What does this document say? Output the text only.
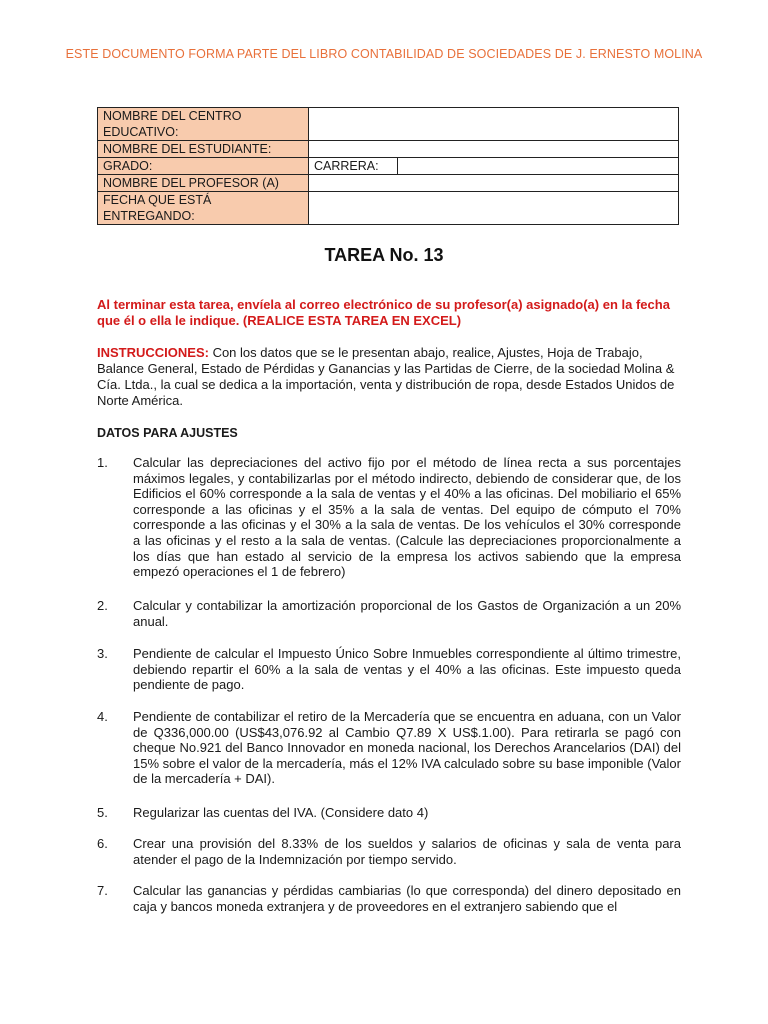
ESTE DOCUMENTO FORMA PARTE DEL LIBRO CONTABILIDAD DE SOCIEDADES DE J. ERNESTO MOLINA
NOMBRE DEL CENTRO EDUCATIVO:		
NOMBRE DEL ESTUDIANTE:		
GRADO:	CARRERA:	
NOMBRE DEL PROFESOR (A)		
FECHA QUE ESTÁ ENTREGANDO:		
TAREA No. 13
Al terminar esta tarea, envíela al correo electrónico de su profesor(a) asignado(a) en la fecha que él o ella le indique. (REALICE ESTA TAREA EN EXCEL)
INSTRUCCIONES: Con los datos que se le presentan abajo, realice, Ajustes, Hoja de Trabajo, Balance General, Estado de Pérdidas y Ganancias y las Partidas de Cierre, de la sociedad Molina & Cía. Ltda., la cual se dedica a la importación, venta y distribución de ropa, desde Estados Unidos de Norte América.
DATOS PARA AJUSTES
1.	Calcular las depreciaciones del activo fijo por el método de línea recta a sus porcentajes máximos legales, y contabilizarlas por el método indirecto, debiendo de considerar que, de los Edificios el 60% corresponde a la sala de ventas y el 40% a las oficinas. Del mobiliario el 65% corresponde a las oficinas y el 35% a la sala de ventas. Del equipo de cómputo el 70% corresponde a las oficinas y el 30% a la sala de ventas. De los vehículos el 30% corresponde a las oficinas y el resto a la sala de ventas. (Calcule las depreciaciones proporcionalmente a los días que han estado al servicio de la empresa los activos sabiendo que la empresa empezó operaciones el 1 de febrero)
2.	Calcular y contabilizar la amortización proporcional de los Gastos de Organización a un 20% anual.
3.	Pendiente de calcular el Impuesto Único Sobre Inmuebles correspondiente al último trimestre, debiendo repartir el 60% a la sala de ventas y el 40% a las oficinas. Este impuesto queda pendiente de pago.
4.	Pendiente de contabilizar el retiro de la Mercadería que se encuentra en aduana, con un Valor de Q336,000.00 (US$43,076.92 al Cambio Q7.89 X US$.1.00). Para retirarla se pagó con cheque No.921 del Banco Innovador en moneda nacional, los Derechos Arancelarios (DAI) del 15% sobre el valor de la mercadería, más el 12% IVA calculado sobre su base imponible (Valor de la mercadería + DAI).
5.	Regularizar las cuentas del IVA. (Considere dato 4)
6.	Crear una provisión del 8.33% de los sueldos y salarios de oficinas y sala de venta para atender el pago de la Indemnización por tiempo servido.
7.	Calcular las ganancias y pérdidas cambiarias (lo que corresponda) del dinero depositado en caja y bancos moneda extranjera y de proveedores en el extranjero sabiendo que el
